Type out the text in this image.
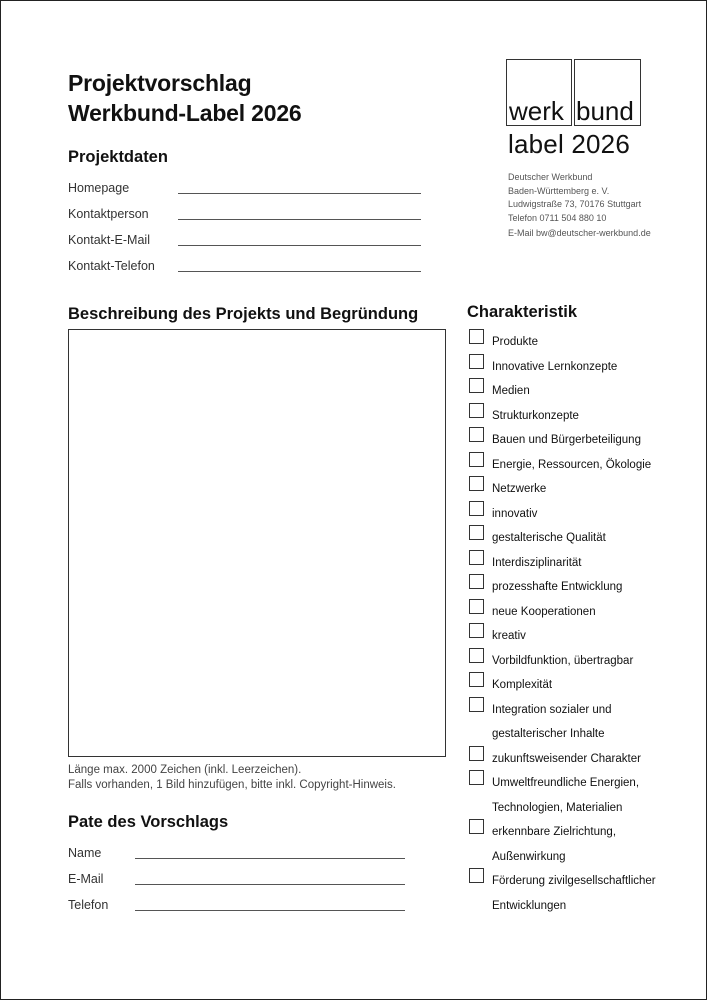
Projektvorschlag
Werkbund-Label 2026	werk bund
label 2026
Deutscher Werkbund
Baden-Württemberg e. V.
Ludwigstraße 73, 70176 Stuttgart
Telefon 0711 504 880 10
E-Mail bw@deutscher-werkbund.de
Projektdaten
Homepage
Kontaktperson
Kontakt-E-Mail
Kontakt-Telefon
Beschreibung des Projekts und Begründung
Länge max. 2000 Zeichen (inkl. Leerzeichen).
Falls vorhanden, 1 Bild hinzufügen, bitte inkl. Copyright-Hinweis.
Pate des Vorschlags
Name
E-Mail
Telefon
Charakteristik
Produkte
Innovative Lernkonzepte
Medien
Strukturkonzepte
Bauen und Bürgerbeteiligung
Energie, Ressourcen, Ökologie
Netzwerke
innovativ
gestalterische Qualität
Interdisziplinarität
prozesshafte Entwicklung
neue Kooperationen
kreativ
Vorbildfunktion, übertragbar
Komplexität
Integration sozialer und
gestalterischer Inhalte
zukunftsweisender Charakter
Umweltfreundliche Energien,
Technologien, Materialien
erkennbare Zielrichtung,
Außenwirkung
Förderung zivilgesellschaftlicher
Entwicklungen
